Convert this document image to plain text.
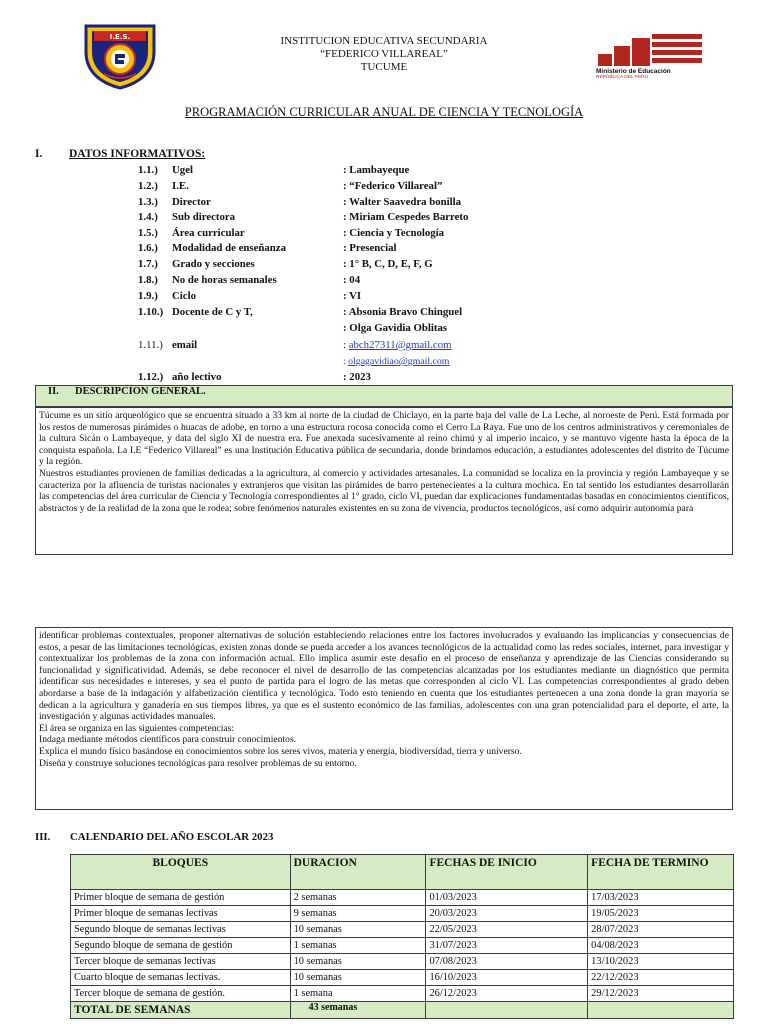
I.E.S.
Ministerio de Educación
REPÚBLICA DEL PERÚ
INSTITUCION EDUCATIVA SECUNDARIA
“FEDERICO VILLAREAL”
TUCUME
PROGRAMACIÓN CURRICULAR ANUAL DE CIENCIA Y TECNOLOGÍA
I. DATOS INFORMATIVOS:
1.1.) Ugel	: Lambayeque
1.2.) I.E.	: “Federico Villareal”
1.3.) Director	: Walter Saavedra bonilla
1.4.) Sub directora	: Miriam Cespedes Barreto
1.5.) Área curricular	: Ciencia y Tecnología
1.6.) Modalidad de enseñanza	: Presencial
1.7.) Grado y secciones	: 1° B, C, D, E, F, G
1.8.) No de horas semanales	: 04
1.9.) Ciclo	: VI
1.10.) Docente de C y T,	: Absonia Bravo Chinguel
: Olga Gavidia Oblitas
1.11.) email	: abch27311@gmail.com
: olgagavidiao@gmail.com
1.12.) año lectivo	: 2023
II. DESCRIPCION GENERAL.

Túcume es un sitio arqueológico que se encuentra situado a 33 km al norte de la ciudad de Chiclayo, en la parte baja del valle de La Leche, al noroeste de Perú. Está formada por los restos de numerosas pirámides o huacas de adobe, en torno a una estructura rocosa conocida como el Cerro La Raya. Fue uno de los centros administrativos y ceremoniales de la cultura Sicán o Lambayeque, y data del siglo XI de nuestra era. Fue anexada sucesivamente al reino chimú y al imperio incaico, y se mantuvo vigente hasta la época de la conquista española. La I.E “Federico Villareal” es una Institución Educativa pública de secundaria, donde brindamos educación, a estudiantes adolescentes del distrito de Túcume y la región.

Nuestros estudiantes provienen de familias dedicadas a la agricultura, al comercio y actividades artesanales. La comunidad se localiza en la provincia y región Lambayeque y se caracteriza por la afluencia de turistas nacionales y extranjeros que visitan las pirámides de barro pertenecientes a la cultura mochica. En tal sentido los estudiantes desarrollarán las competencias del área curricular de Ciencia y Tecnología correspondientes al 1° grado, ciclo VI, puedan dar explicaciones fundamentadas basadas en conocimientos científicos, abstractos y de la realidad de la zona que le rodea; sobre fenómenos naturales existentes en su zona de vivencia, productos tecnológicos, así como adquirir autonomía para

identificar problemas contextuales, proponer alternativas de solución estableciendo relaciones entre los factores involucrados y evaluando las implicancias y consecuencias de estos, a pesar de las limitaciones tecnológicas, existen zonas donde se pueda acceder a los avances tecnológicos de la actualidad como las redes sociales, internet, para investigar y contextualizar los problemas de la zona con información actual. Ello implica asumir este desafío en el proceso de enseñanza y aprendizaje de las Ciencias considerando su funcionalidad y significatividad. Además, se debe reconocer el nivel de desarrollo de las competencias alcanzadas por los estudiantes mediante un diagnóstico que permita identificar sus necesidades e intereses, y sea el punto de partida para el logro de las metas que corresponden al ciclo VI. Las competencias correspondientes al grado deben abordarse a base de la indagación y alfabetización científica y tecnológica. Todo esto teniendo en cuenta que los estudiantes pertenecen a una zona donde la gran mayoría se dedican a la agricultura y ganadería en sus tiempos libres, ya que es el sustento económico de las familias, adolescentes con una gran potencialidad para el deporte, el arte, la investigación y algunas actividades manuales.

El área se organiza en las siguientes competencias:

Indaga mediante métodos científicos para construir conocimientos.

Explica el mundo físico basándose en conocimientos sobre los seres vivos, materia y energía, biodiversidad, tierra y universo.

Diseña y construye soluciones tecnológicas para resolver problemas de su entorno.

III. CALENDARIO DEL AÑO ESCOLAR 2023
BLOQUES	DURACION	FECHAS DE INICIO	FECHA DE TERMINO
Primer bloque de semana de gestión	2 semanas	01/03/2023	17/03/2023
Primer bloque de semanas lectivas	9 semanas	20/03/2023	19/05/2023
Segundo bloque de semanas lectivas	10 semanas	22/05/2023	28/07/2023
Segundo bloque de semana de gestión	1 semanas	31/07/2023	04/08/2023
Tercer bloque de semanas lectivas	10 semanas	07/08/2023	13/10/2023
Cuarto bloque de semanas lectivas.	10 semanas	16/10/2023	22/12/2023
Tercer bloque de semana de gestión.	1 semana	26/12/2023	29/12/2023
TOTAL DE SEMANAS	43 semanas		
